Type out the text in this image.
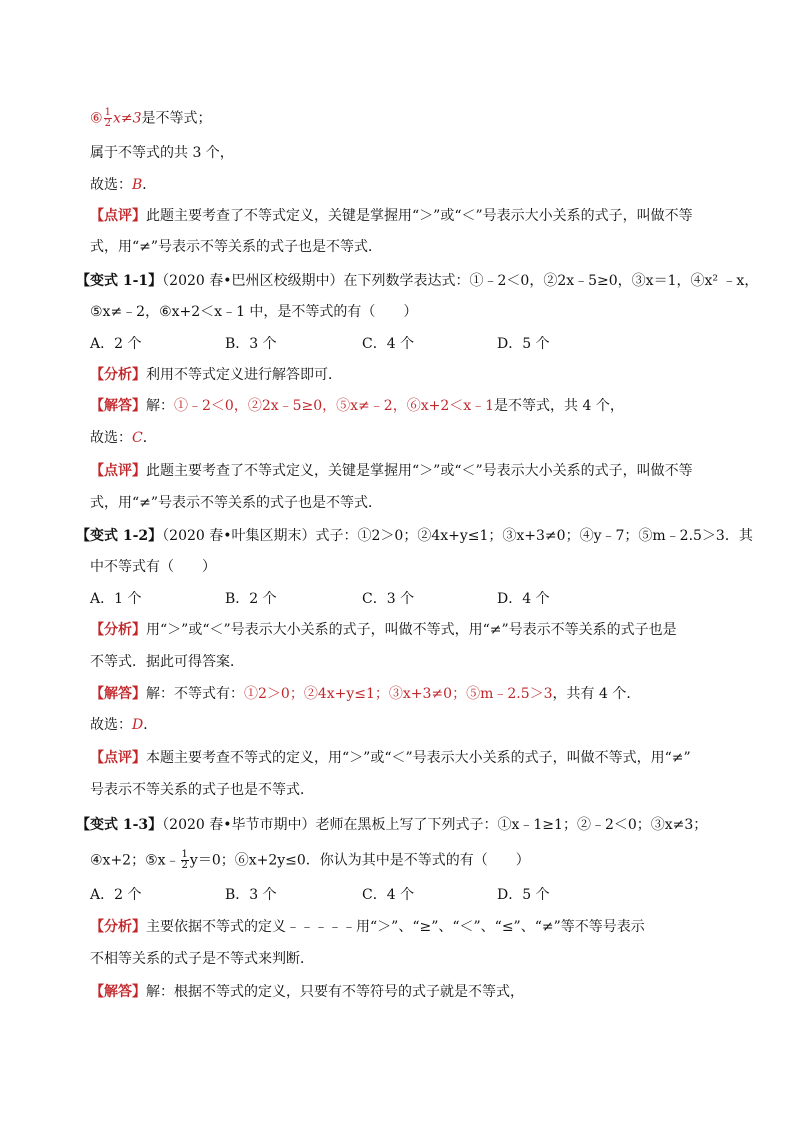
⑥ $\frac{1}{2} x\ne 3$是不等式；
属于不等式的共 3 个，
故选：B．
【点评】此题主要考查了不等式定义，关键是掌握用“＞”或“＜”号表示大小关系的式子，叫做不等
式，用“≠”号表示不等关系的式子也是不等式．
【变式 1-1】（2020 春•巴州区校级期中）在下列数学表达式：①﹣2＜0，②2x﹣5≥0，③x＝1，④x² ﹣x，
⑤x≠﹣2，⑥x+2＜x﹣1 中，是不等式的有（　　）
A．2 个	B．3 个	C．4 个	D．5 个
【分析】利用不等式定义进行解答即可．
【解答】解：①﹣2＜0，②2x﹣5≥0，⑤x≠﹣2，⑥x+2＜x﹣1是不等式，共 4 个，
故选：C．
【点评】此题主要考查了不等式定义，关键是掌握用“＞”或“＜”号表示大小关系的式子，叫做不等
式，用“≠”号表示不等关系的式子也是不等式．
【变式 1-2】（2020 春•叶集区期末）式子：①2＞0；②4x+y≤1；③x+3≠0；④y﹣7；⑤m﹣2.5＞3．其
中不等式有（　　）
A．1 个	B．2 个	C．3 个	D．4 个
【分析】用“＞”或“＜”号表示大小关系的式子，叫做不等式，用“≠”号表示不等关系的式子也是
不等式．据此可得答案．
【解答】解：不等式有：①2＞0；②4x+y≤1；③x+3≠0；⑤m﹣2.5＞3，共有 4 个．
故选：D．
【点评】本题主要考查不等式的定义，用“＞”或“＜”号表示大小关系的式子，叫做不等式，用“≠”
号表示不等关系的式子也是不等式．
【变式 1-3】（2020 春•毕节市期中）老师在黑板上写了下列式子：①x﹣1≥1；②﹣2＜0；③x≠3；
④x+2；⑤x﹣ $\frac{1}{2} y=0$；⑥x+2y≤0．你认为其中是不等式的有（　　）
A．2 个	B．3 个	C．4 个	D．5 个
【分析】主要依据不等式的定义﹣﹣﹣﹣﹣用“＞”、“≥”、“＜”、“≤”、“≠”等不等号表示
不相等关系的式子是不等式来判断．
【解答】解：根据不等式的定义，只要有不等符号的式子就是不等式，
